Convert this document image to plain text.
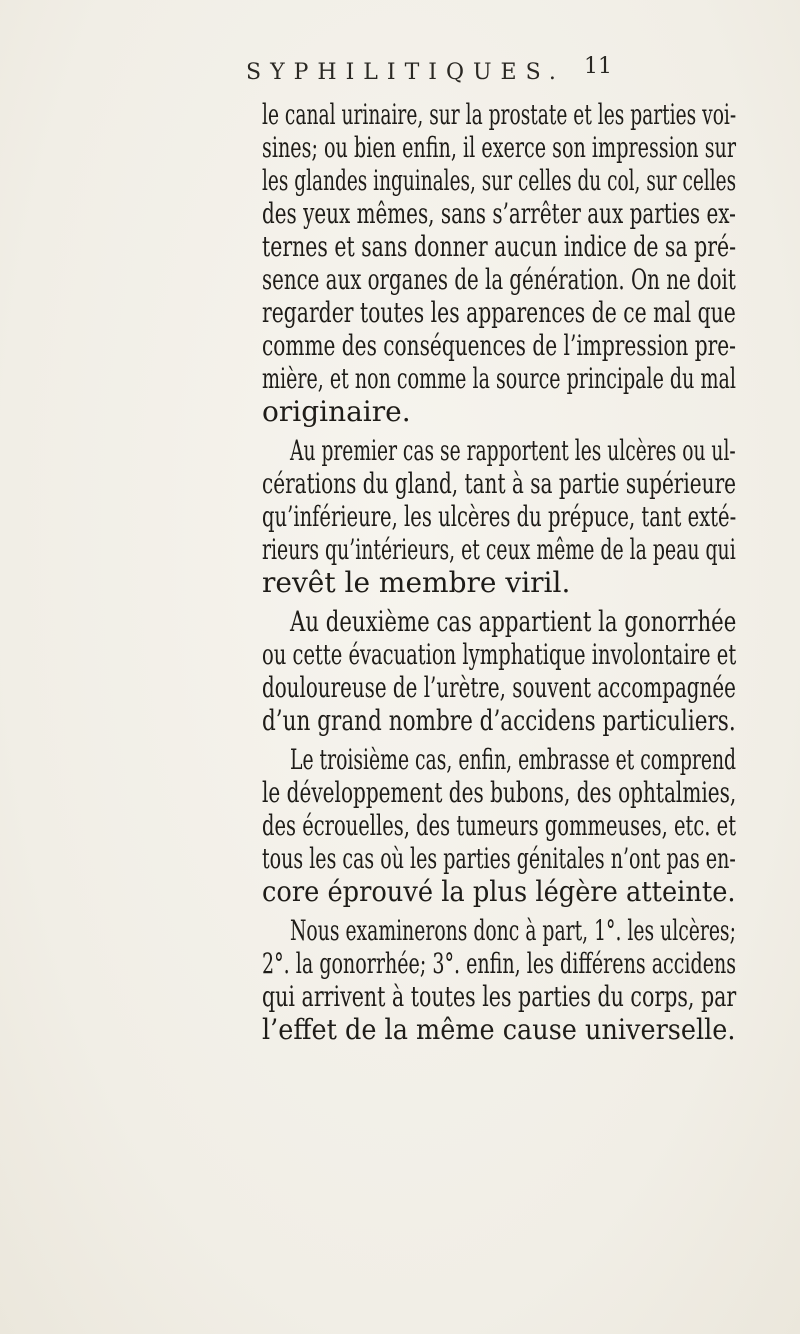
SYPHILITIQUES. 11
le canal urinaire, sur la prostate et les parties voi-
sines; ou bien enfin, il exerce son impression sur
les glandes inguinales, sur celles du col, sur celles
des yeux mêmes, sans s’arrêter aux parties ex-
ternes et sans donner aucun indice de sa pré-
sence aux organes de la génération. On ne doit
regarder toutes les apparences de ce mal que
comme des conséquences de l’impression pre-
mière, et non comme la source principale du mal
originaire.
Au premier cas se rapportent les ulcères ou ul-
cérations du gland, tant à sa partie supérieure
qu’inférieure, les ulcères du prépuce, tant exté-
rieurs qu’intérieurs, et ceux même de la peau qui
revêt le membre viril.
Au deuxième cas appartient la gonorrhée
ou cette évacuation lymphatique involontaire et
douloureuse de l’urètre, souvent accompagnée
d’un grand nombre d’accidens particuliers.
Le troisième cas, enfin, embrasse et comprend
le développement des bubons, des ophtalmies,
des écrouelles, des tumeurs gommeuses, etc. et
tous les cas où les parties génitales n’ont pas en-
core éprouvé la plus légère atteinte.
Nous examinerons donc à part, 1°. les ulcères;
2°. la gonorrhée; 3°. enfin, les différens accidens
qui arrivent à toutes les parties du corps, par
l’effet de la même cause universelle.
